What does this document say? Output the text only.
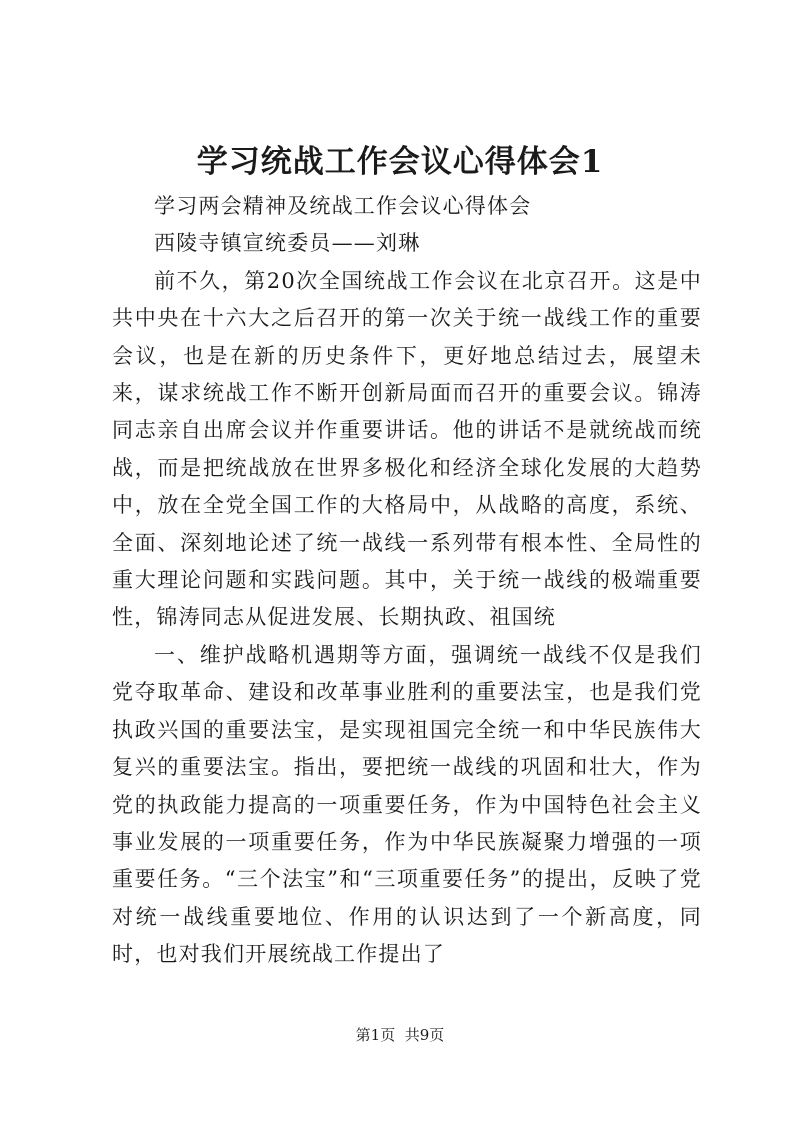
学习统战工作会议心得体会1

学习两会精神及统战工作会议心得体会

西陵寺镇宣统委员——刘琳

前不久，第20次全国统战工作会议在北京召开。这是中共中央在十六大之后召开的第一次关于统一战线工作的重要会议，也是在新的历史条件下，更好地总结过去，展望未来，谋求统战工作不断开创新局面而召开的重要会议。锦涛同志亲自出席会议并作重要讲话。他的讲话不是就统战而统战，而是把统战放在世界多极化和经济全球化发展的大趋势中，放在全党全国工作的大格局中，从战略的高度，系统、全面、深刻地论述了统一战线一系列带有根本性、全局性的重大理论问题和实践问题。其中，关于统一战线的极端重要性，锦涛同志从促进发展、长期执政、祖国统

一、维护战略机遇期等方面，强调统一战线不仅是我们党夺取革命、建设和改革事业胜利的重要法宝，也是我们党执政兴国的重要法宝，是实现祖国完全统一和中华民族伟大复兴的重要法宝。指出，要把统一战线的巩固和壮大，作为党的执政能力提高的一项重要任务，作为中国特色社会主义事业发展的一项重要任务，作为中华民族凝聚力增强的一项重要任务。“三个法宝”和“三项重要任务”的提出，反映了党对统一战线重要地位、作用的认识达到了一个新高度，同时，也对我们开展统战工作提出了

第1页 共9页
